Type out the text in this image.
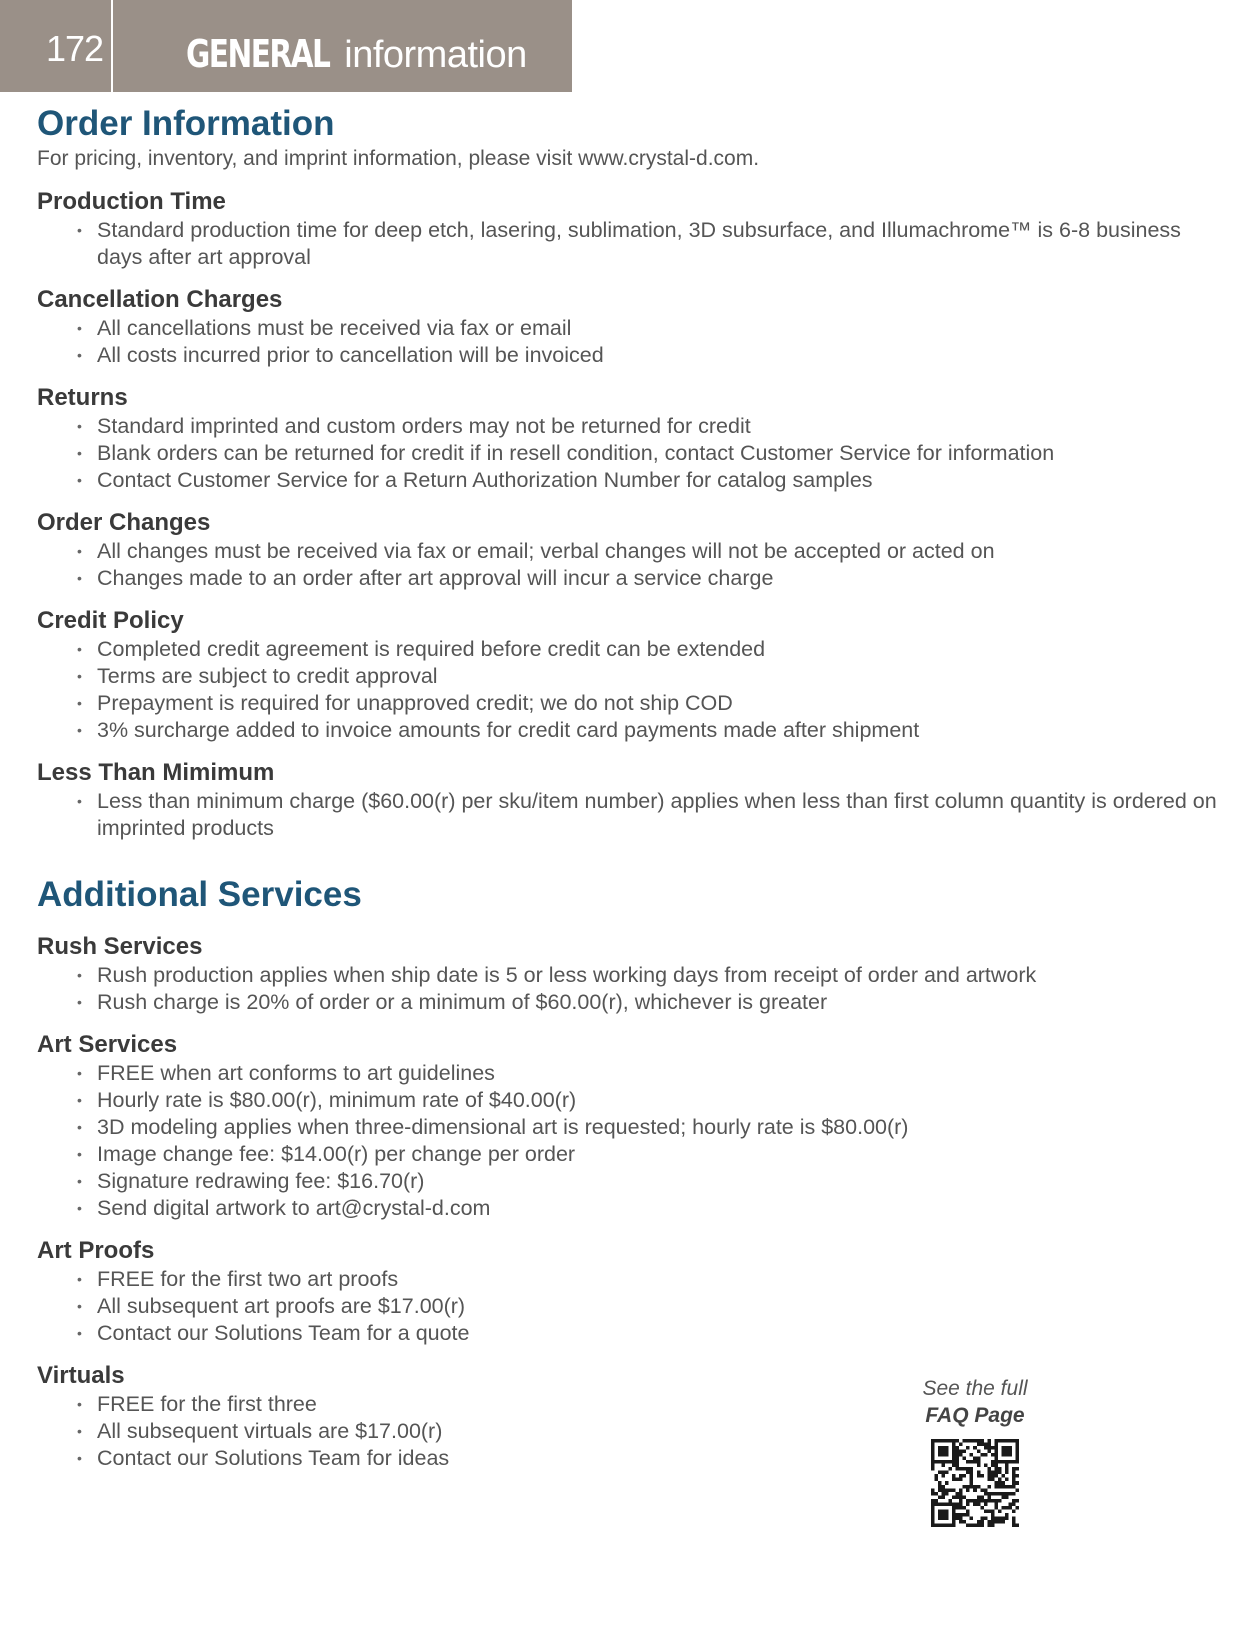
172 GENERAL information
Order Information

For pricing, inventory, and imprint information, please visit www.crystal-d.com.

Production Time
• Standard production time for deep etch, lasering, sublimation, 3D subsurface, and Illumachrome™ is 6-8 business days after art approval
Cancellation Charges
• All cancellations must be received via fax or email
• All costs incurred prior to cancellation will be invoiced
Returns
• Standard imprinted and custom orders may not be returned for credit
• Blank orders can be returned for credit if in resell condition, contact Customer Service for information
• Contact Customer Service for a Return Authorization Number for catalog samples
Order Changes
• All changes must be received via fax or email; verbal changes will not be accepted or acted on
• Changes made to an order after art approval will incur a service charge
Credit Policy
• Completed credit agreement is required before credit can be extended
• Terms are subject to credit approval
• Prepayment is required for unapproved credit; we do not ship COD
• 3% surcharge added to invoice amounts for credit card payments made after shipment
Less Than Mimimum
• Less than minimum charge ($60.00(r) per sku/item number) applies when less than first column quantity is ordered on imprinted products
Additional Services
Rush Services
• Rush production applies when ship date is 5 or less working days from receipt of order and artwork
• Rush charge is 20% of order or a minimum of $60.00(r), whichever is greater
Art Services
• FREE when art conforms to art guidelines
• Hourly rate is $80.00(r), minimum rate of $40.00(r)
• 3D modeling applies when three-dimensional art is requested; hourly rate is $80.00(r)
• Image change fee: $14.00(r) per change per order
• Signature redrawing fee: $16.70(r)
• Send digital artwork to art@crystal-d.com
Art Proofs
• FREE for the first two art proofs
• All subsequent art proofs are $17.00(r)
• Contact our Solutions Team for a quote
Virtuals
• FREE for the first three
• All subsequent virtuals are $17.00(r)
• Contact our Solutions Team for ideas
See the full
FAQ Page
